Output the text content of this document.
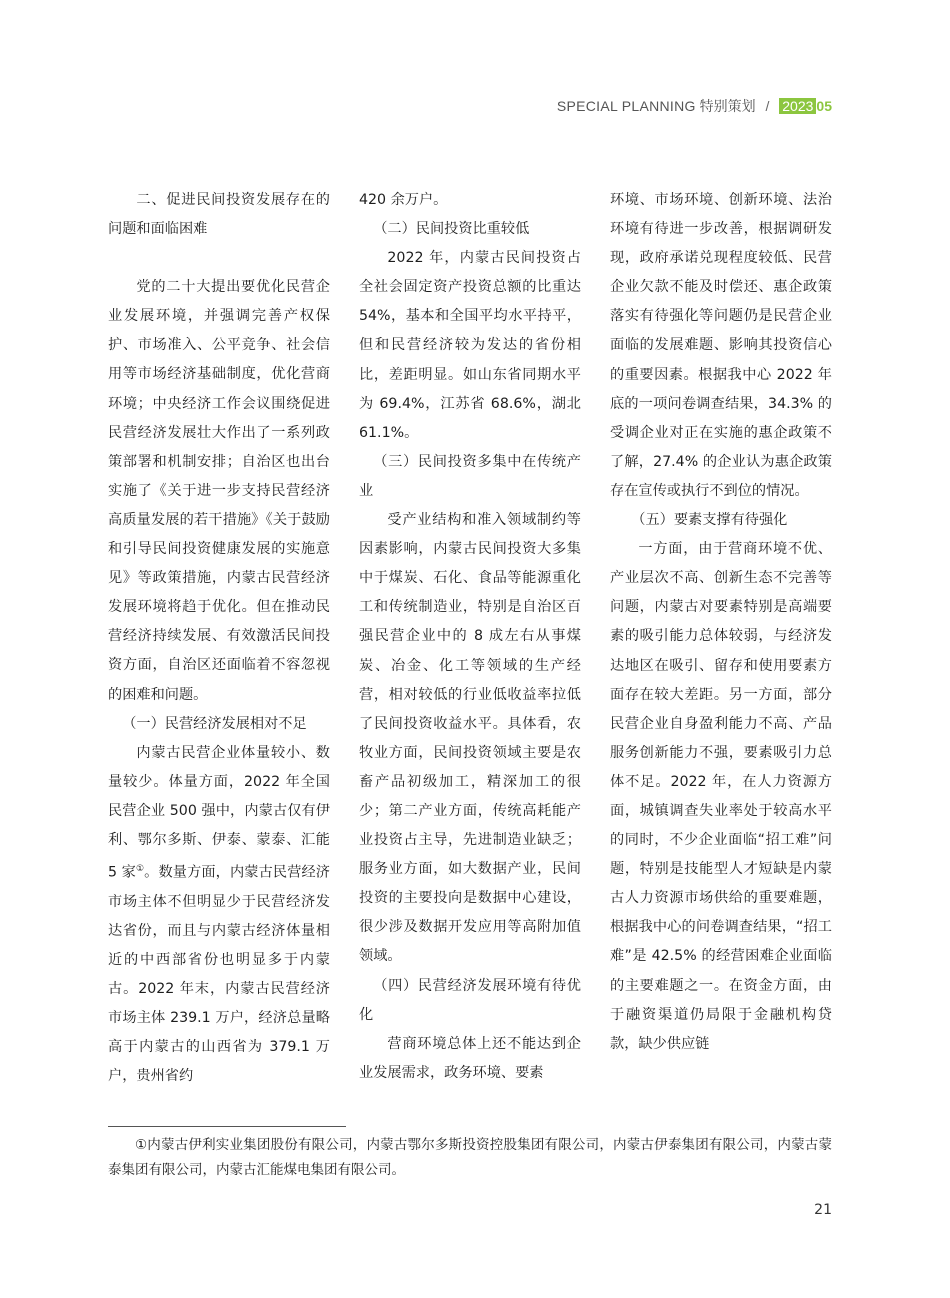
SPECIAL PLANNING 特别策划 / 2023 05

二、促进民间投资发展存在的问题和面临困难

党的二十大提出要优化民营企业发展环境，并强调完善产权保护、市场准入、公平竞争、社会信用等市场经济基础制度，优化营商环境；中央经济工作会议围绕促进民营经济发展壮大作出了一系列政策部署和机制安排；自治区也出台实施了《关于进一步支持民营经济高质量发展的若干措施》《关于鼓励和引导民间投资健康发展的实施意见》等政策措施，内蒙古民营经济发展环境将趋于优化。但在推动民营经济持续发展、有效激活民间投资方面，自治区还面临着不容忽视的困难和问题。

（一）民营经济发展相对不足

内蒙古民营企业体量较小、数量较少。体量方面，2022 年全国民营企业 500 强中，内蒙古仅有伊利、鄂尔多斯、伊泰、蒙泰、汇能 5 家①。数量方面，内蒙古民营经济市场主体不但明显少于民营经济发达省份，而且与内蒙古经济体量相近的中西部省份也明显多于内蒙古。2022 年末，内蒙古民营经济市场主体 239.1 万户，经济总量略高于内蒙古的山西省为 379.1 万户，贵州省约

420 余万户。

（二）民间投资比重较低

2022 年，内蒙古民间投资占全社会固定资产投资总额的比重达 54%，基本和全国平均水平持平，但和民营经济较为发达的省份相比，差距明显。如山东省同期水平为 69.4%，江苏省 68.6%，湖北 61.1%。

（三）民间投资多集中在传统产业

受产业结构和准入领域制约等因素影响，内蒙古民间投资大多集中于煤炭、石化、食品等能源重化工和传统制造业，特别是自治区百强民营企业中的 8 成左右从事煤炭、冶金、化工等领域的生产经营，相对较低的行业低收益率拉低了民间投资收益水平。具体看，农牧业方面，民间投资领域主要是农畜产品初级加工，精深加工的很少；第二产业方面，传统高耗能产业投资占主导，先进制造业缺乏；服务业方面，如大数据产业，民间投资的主要投向是数据中心建设，很少涉及数据开发应用等高附加值领域。

（四）民营经济发展环境有待优化

营商环境总体上还不能达到企业发展需求，政务环境、要素

环境、市场环境、创新环境、法治环境有待进一步改善，根据调研发现，政府承诺兑现程度较低、民营企业欠款不能及时偿还、惠企政策落实有待强化等问题仍是民营企业面临的发展难题、影响其投资信心的重要因素。根据我中心 2022 年底的一项问卷调查结果，34.3% 的受调企业对正在实施的惠企政策不了解，27.4% 的企业认为惠企政策存在宣传或执行不到位的情况。

（五）要素支撑有待强化

一方面，由于营商环境不优、产业层次不高、创新生态不完善等问题，内蒙古对要素特别是高端要素的吸引能力总体较弱，与经济发达地区在吸引、留存和使用要素方面存在较大差距。另一方面，部分民营企业自身盈利能力不高、产品服务创新能力不强，要素吸引力总体不足。2022 年，在人力资源方面，城镇调查失业率处于较高水平的同时，不少企业面临“招工难”问题，特别是技能型人才短缺是内蒙古人力资源市场供给的重要难题，根据我中心的问卷调查结果，“招工难”是 42.5% 的经营困难企业面临的主要难题之一。在资金方面，由于融资渠道仍局限于金融机构贷款，缺少供应链

①内蒙古伊利实业集团股份有限公司，内蒙古鄂尔多斯投资控股集团有限公司，内蒙古伊泰集团有限公司，内蒙古蒙泰集团有限公司，内蒙古汇能煤电集团有限公司。
21
